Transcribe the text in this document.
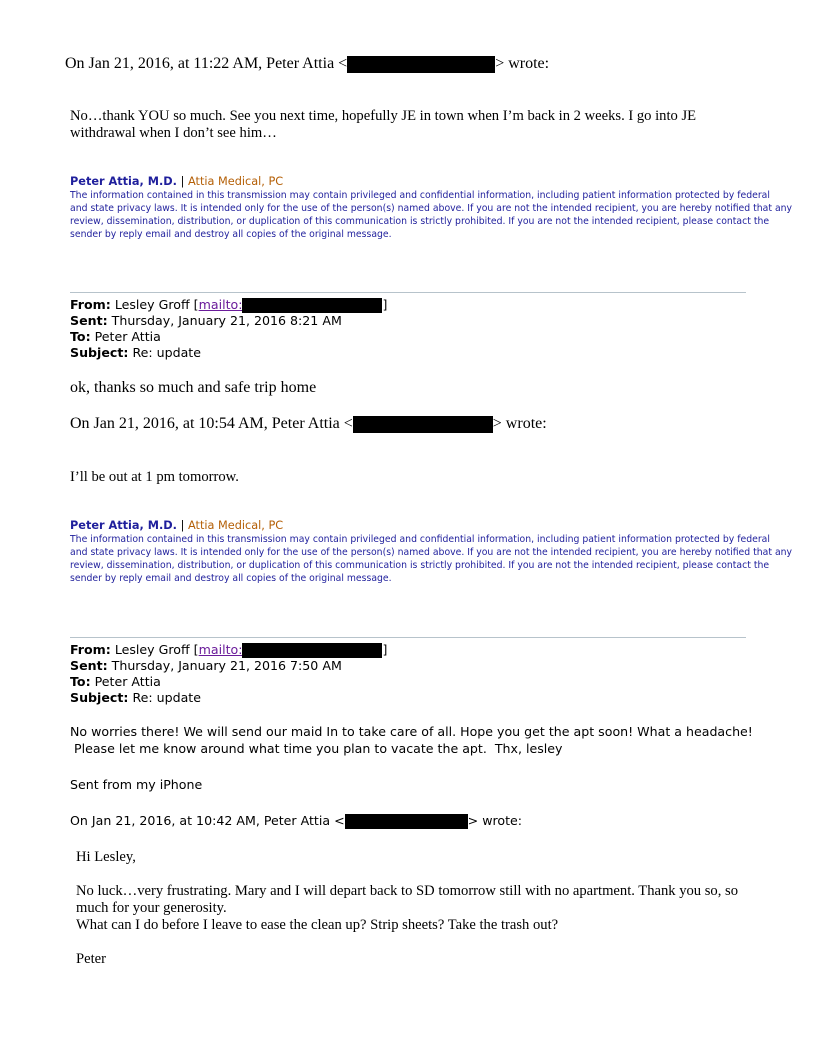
On Jan 21, 2016, at 11:22 AM, Peter Attia <	> wrote:
No…thank YOU so much. See you next time, hopefully JE in town when I’m back in 2 weeks. I go into JE
withdrawal when I don’t see him…
Peter Attia, M.D. | Attia Medical, PC
The information contained in this transmission may contain privileged and confidential information, including patient information protected by federal
and state privacy laws. It is intended only for the use of the person(s) named above. If you are not the intended recipient, you are hereby notified that any
review, dissemination, distribution, or duplication of this communication is strictly prohibited. If you are not the intended recipient, please contact the
sender by reply email and destroy all copies of the original message.
From: Lesley Groff [mailto:	]
Sent: Thursday, January 21, 2016 8:21 AM
To: Peter Attia
Subject: Re: update
ok, thanks so much and safe trip home
On Jan 21, 2016, at 10:54 AM, Peter Attia <	> wrote:
I’ll be out at 1 pm tomorrow.
Peter Attia, M.D. | Attia Medical, PC
The information contained in this transmission may contain privileged and confidential information, including patient information protected by federal
and state privacy laws. It is intended only for the use of the person(s) named above. If you are not the intended recipient, you are hereby notified that any
review, dissemination, distribution, or duplication of this communication is strictly prohibited. If you are not the intended recipient, please contact the
sender by reply email and destroy all copies of the original message.
From: Lesley Groff [mailto:	]
Sent: Thursday, January 21, 2016 7:50 AM
To: Peter Attia
Subject: Re: update
No worries there! We will send our maid In to take care of all. Hope you get the apt soon! What a headache!
Please let me know around what time you plan to vacate the apt.  Thx, lesley
Sent from my iPhone
On Jan 21, 2016, at 10:42 AM, Peter Attia <	> wrote:
Hi Lesley,
No luck…very frustrating. Mary and I will depart back to SD tomorrow still with no apartment. Thank you so, so
much for your generosity.
What can I do before I leave to ease the clean up? Strip sheets? Take the trash out?
Peter
